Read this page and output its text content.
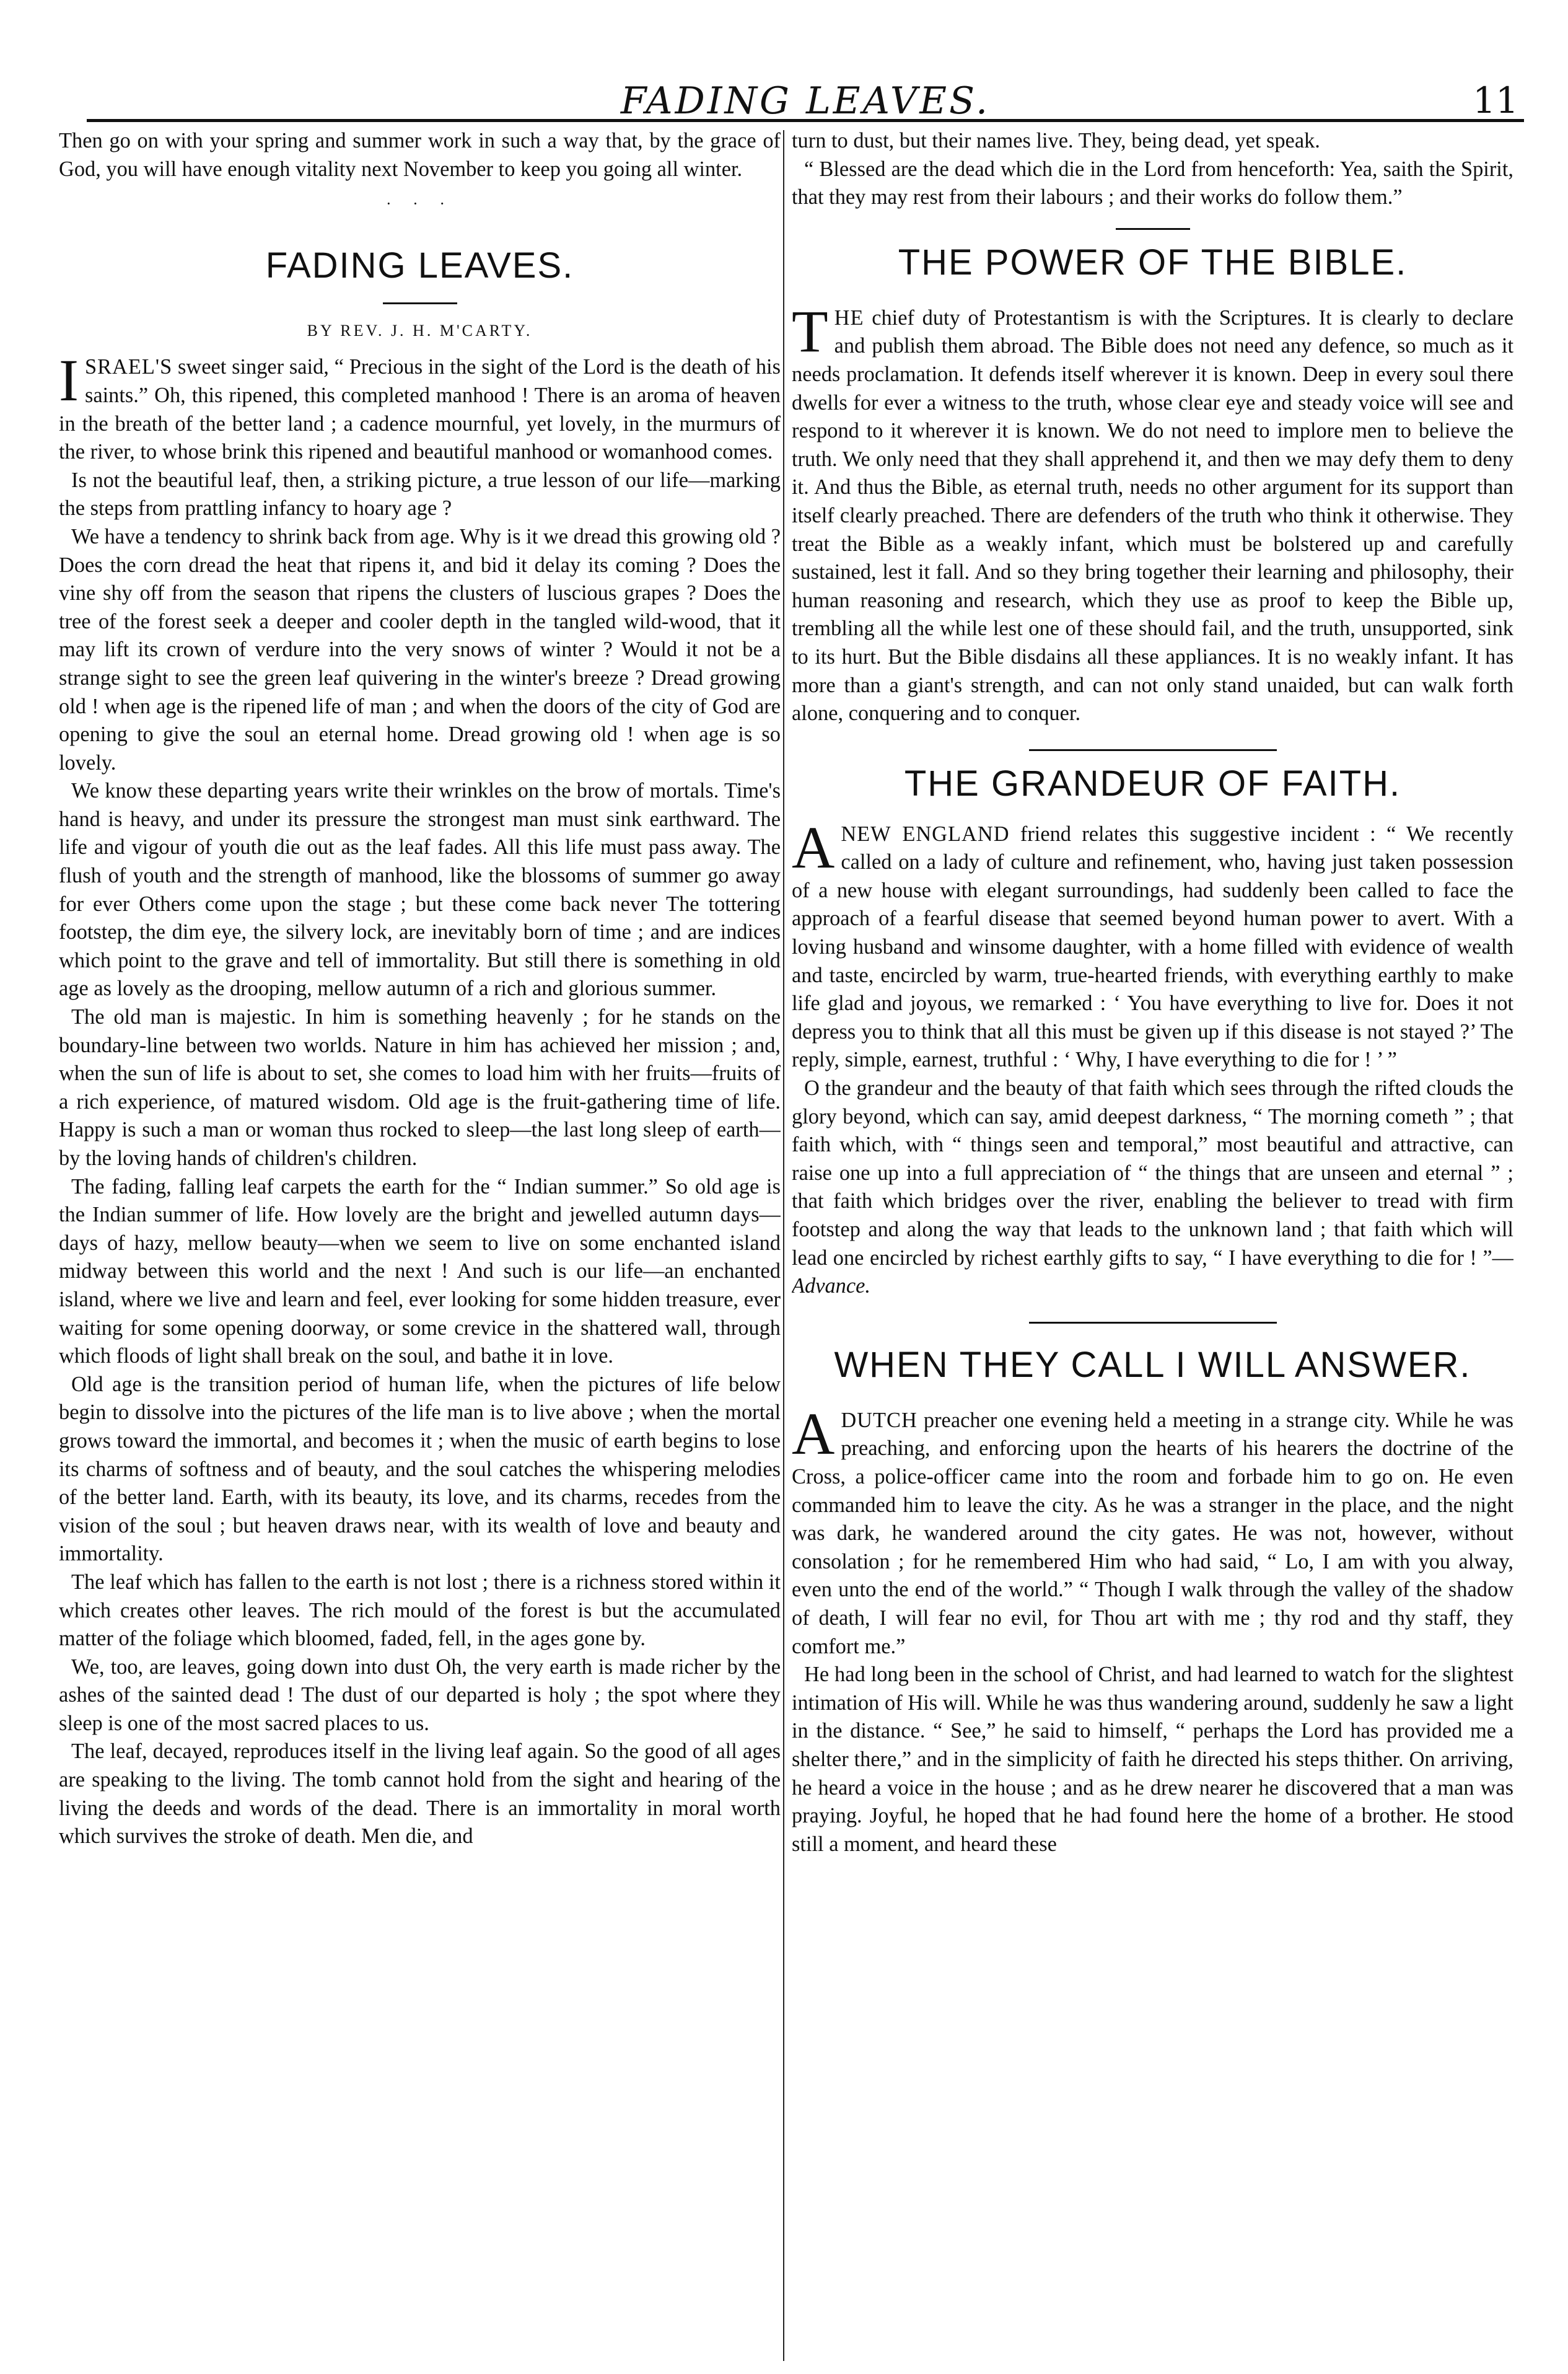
FADING LEAVES.	11

Then go on with your spring and summer work in such a way that, by the grace of God, you will have enough vitality next November to keep you going all winter.

· · ·
FADING LEAVES.
BY REV. J. H. M'CARTY.

ISRAEL'S sweet singer said, “ Precious in the sight of the Lord is the death of his saints.” Oh, this ripened, this completed manhood ! There is an aroma of heaven in the breath of the better land ; a cadence mournful, yet lovely, in the murmurs of the river, to whose brink this ripened and beautiful manhood or womanhood comes.

Is not the beautiful leaf, then, a striking picture, a true lesson of our life—marking the steps from prattling infancy to hoary age ?

We have a tendency to shrink back from age. Why is it we dread this growing old ? Does the corn dread the heat that ripens it, and bid it delay its coming ? Does the vine shy off from the season that ripens the clusters of luscious grapes ? Does the tree of the forest seek a deeper and cooler depth in the tangled wild-wood, that it may lift its crown of verdure into the very snows of winter ? Would it not be a strange sight to see the green leaf quivering in the winter's breeze ? Dread growing old ! when age is the ripened life of man ; and when the doors of the city of God are opening to give the soul an eternal home. Dread growing old ! when age is so lovely.

We know these departing years write their wrinkles on the brow of mortals. Time's hand is heavy, and under its pressure the strongest man must sink earthward. The life and vigour of youth die out as the leaf fades. All this life must pass away. The flush of youth and the strength of manhood, like the blossoms of summer go away for ever Others come upon the stage ; but these come back never The tottering footstep, the dim eye, the silvery lock, are inevitably born of time ; and are indices which point to the grave and tell of immortality. But still there is something in old age as lovely as the drooping, mellow autumn of a rich and glorious summer.

The old man is majestic. In him is something heavenly ; for he stands on the boundary-line between two worlds. Nature in him has achieved her mission ; and, when the sun of life is about to set, she comes to load him with her fruits—fruits of a rich experience, of matured wisdom. Old age is the fruit-gathering time of life. Happy is such a man or woman thus rocked to sleep—the last long sleep of earth—by the loving hands of children's children.

The fading, falling leaf carpets the earth for the “ Indian summer.” So old age is the Indian summer of life. How lovely are the bright and jewelled autumn days—days of hazy, mellow beauty—when we seem to live on some enchanted island midway between this world and the next ! And such is our life—an enchanted island, where we live and learn and feel, ever looking for some hidden treasure, ever waiting for some opening doorway, or some crevice in the shattered wall, through which floods of light shall break on the soul, and bathe it in love.

Old age is the transition period of human life, when the pictures of life below begin to dissolve into the pictures of the life man is to live above ; when the mortal grows toward the immortal, and becomes it ; when the music of earth begins to lose its charms of softness and of beauty, and the soul catches the whispering melodies of the better land. Earth, with its beauty, its love, and its charms, recedes from the vision of the soul ; but heaven draws near, with its wealth of love and beauty and immortality.

The leaf which has fallen to the earth is not lost ; there is a richness stored within it which creates other leaves. The rich mould of the forest is but the accumulated matter of the foliage which bloomed, faded, fell, in the ages gone by.

We, too, are leaves, going down into dust Oh, the very earth is made richer by the ashes of the sainted dead ! The dust of our departed is holy ; the spot where they sleep is one of the most sacred places to us.

The leaf, decayed, reproduces itself in the living leaf again. So the good of all ages are speaking to the living. The tomb cannot hold from the sight and hearing of the living the deeds and words of the dead. There is an immortality in moral worth which survives the stroke of death. Men die, and

turn to dust, but their names live. They, being dead, yet speak.

“ Blessed are the dead which die in the Lord from henceforth: Yea, saith the Spirit, that they may rest from their labours ; and their works do follow them.”

THE POWER OF THE BIBLE.

THE chief duty of Protestantism is with the Scriptures. It is clearly to declare and publish them abroad. The Bible does not need any defence, so much as it needs proclamation. It defends itself wherever it is known. Deep in every soul there dwells for ever a witness to the truth, whose clear eye and steady voice will see and respond to it wherever it is known. We do not need to implore men to believe the truth. We only need that they shall apprehend it, and then we may defy them to deny it. And thus the Bible, as eternal truth, needs no other argument for its support than itself clearly preached. There are defenders of the truth who think it otherwise. They treat the Bible as a weakly infant, which must be bolstered up and carefully sustained, lest it fall. And so they bring together their learning and philosophy, their human reasoning and research, which they use as proof to keep the Bible up, trembling all the while lest one of these should fail, and the truth, unsupported, sink to its hurt. But the Bible disdains all these appliances. It is no weakly infant. It has more than a giant's strength, and can not only stand unaided, but can walk forth alone, conquering and to conquer.

THE GRANDEUR OF FAITH.

ANEW ENGLAND friend relates this suggestive incident : “ We recently called on a lady of culture and refinement, who, having just taken possession of a new house with elegant surroundings, had suddenly been called to face the approach of a fearful disease that seemed beyond human power to avert. With a loving husband and winsome daughter, with a home filled with evidence of wealth and taste, encircled by warm, true-hearted friends, with everything earthly to make life glad and joyous, we remarked : ‘ You have everything to live for. Does it not depress you to think that all this must be given up if this disease is not stayed ?’ The reply, simple, earnest, truthful : ‘ Why, I have everything to die for ! ’ ”

O the grandeur and the beauty of that faith which sees through the rifted clouds the glory beyond, which can say, amid deepest darkness, “ The morning cometh ” ; that faith which, with “ things seen and temporal,” most beautiful and attractive, can raise one up into a full appreciation of “ the things that are unseen and eternal ” ; that faith which bridges over the river, enabling the believer to tread with firm footstep and along the way that leads to the unknown land ; that faith which will lead one encircled by richest earthly gifts to say, “ I have everything to die for ! ”—Advance.

WHEN THEY CALL I WILL ANSWER.

ADUTCH preacher one evening held a meeting in a strange city. While he was preaching, and enforcing upon the hearts of his hearers the doctrine of the Cross, a police-officer came into the room and forbade him to go on. He even commanded him to leave the city. As he was a stranger in the place, and the night was dark, he wandered around the city gates. He was not, however, without consolation ; for he remembered Him who had said, “ Lo, I am with you alway, even unto the end of the world.” “ Though I walk through the valley of the shadow of death, I will fear no evil, for Thou art with me ; thy rod and thy staff, they comfort me.”

He had long been in the school of Christ, and had learned to watch for the slightest intimation of His will. While he was thus wandering around, suddenly he saw a light in the distance. “ See,” he said to himself, “ perhaps the Lord has provided me a shelter there,” and in the simplicity of faith he directed his steps thither. On arriving, he heard a voice in the house ; and as he drew nearer he discovered that a man was praying. Joyful, he hoped that he had found here the home of a brother. He stood still a moment, and heard these
